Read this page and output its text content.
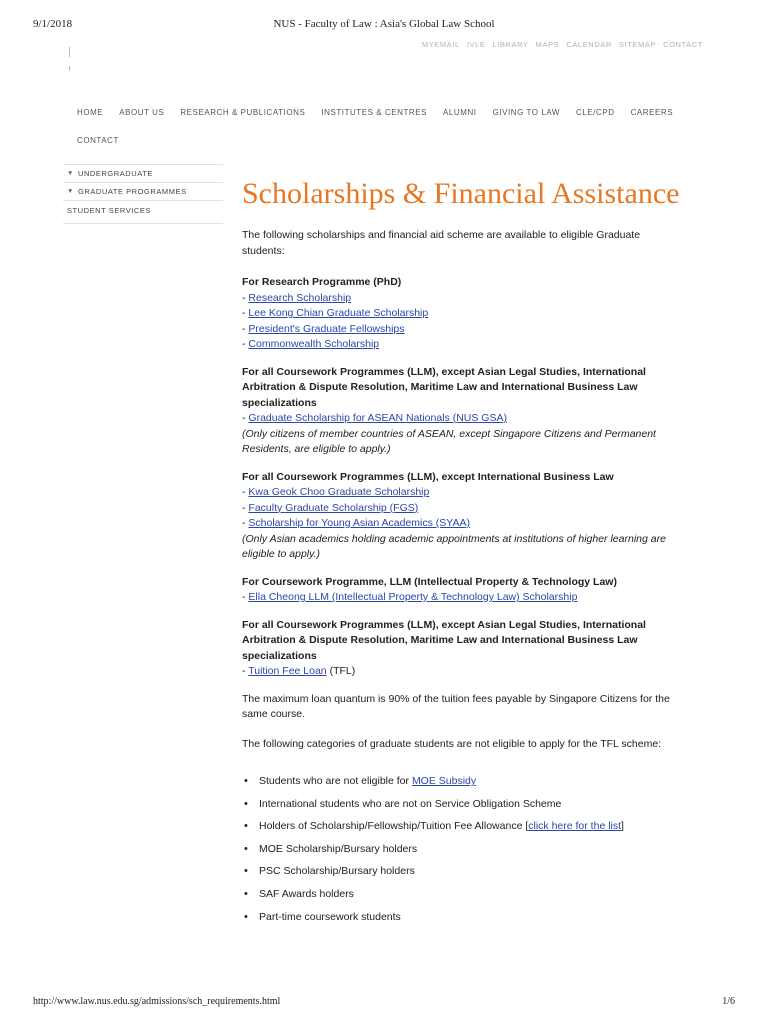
9/1/2018	NUS - Faculty of Law : Asia's Global Law School
MYEMAIL IVLE LIBRARY MAPS CALENDAR SITEMAP CONTACT
HOME ABOUT US RESEARCH & PUBLICATIONS INSTITUTES & CENTRES ALUMNI GIVING TO LAW CLE/CPD CAREERS
CONTACT
▼ UNDERGRADUATE
▼ GRADUATE PROGRAMMES
STUDENT SERVICES
Scholarships & Financial Assistance

The following scholarships and financial aid scheme are available to eligible Graduate students:

For Research Programme (PhD)
- Research Scholarship
- Lee Kong Chian Graduate Scholarship
- President's Graduate Fellowships
- Commonwealth Scholarship

For all Coursework Programmes (LLM), except Asian Legal Studies, International Arbitration & Dispute Resolution, Maritime Law and International Business Law specializations
- Graduate Scholarship for ASEAN Nationals (NUS GSA)
(Only citizens of member countries of ASEAN, except Singapore Citizens and Permanent Residents, are eligible to apply.)

For all Coursework Programmes (LLM), except International Business Law
- Kwa Geok Choo Graduate Scholarship
- Faculty Graduate Scholarship (FGS)
- Scholarship for Young Asian Academics (SYAA)
(Only Asian academics holding academic appointments at institutions of higher learning are eligible to apply.)

For Coursework Programme, LLM (Intellectual Property & Technology Law)
- Ella Cheong LLM (Intellectual Property & Technology Law) Scholarship

For all Coursework Programmes (LLM), except Asian Legal Studies, International Arbitration & Dispute Resolution, Maritime Law and International Business Law specializations
- Tuition Fee Loan (TFL)

The maximum loan quantum is 90% of the tuition fees payable by Singapore Citizens for the same course.

The following categories of graduate students are not eligible to apply for the TFL scheme:

• Students who are not eligible for MOE Subsidy
• International students who are not on Service Obligation Scheme
• Holders of Scholarship/Fellowship/Tuition Fee Allowance [click here for the list]
• MOE Scholarship/Bursary holders
• PSC Scholarship/Bursary holders
• SAF Awards holders
• Part-time coursework students
http://www.law.nus.edu.sg/admissions/sch_requirements.html	1/6
